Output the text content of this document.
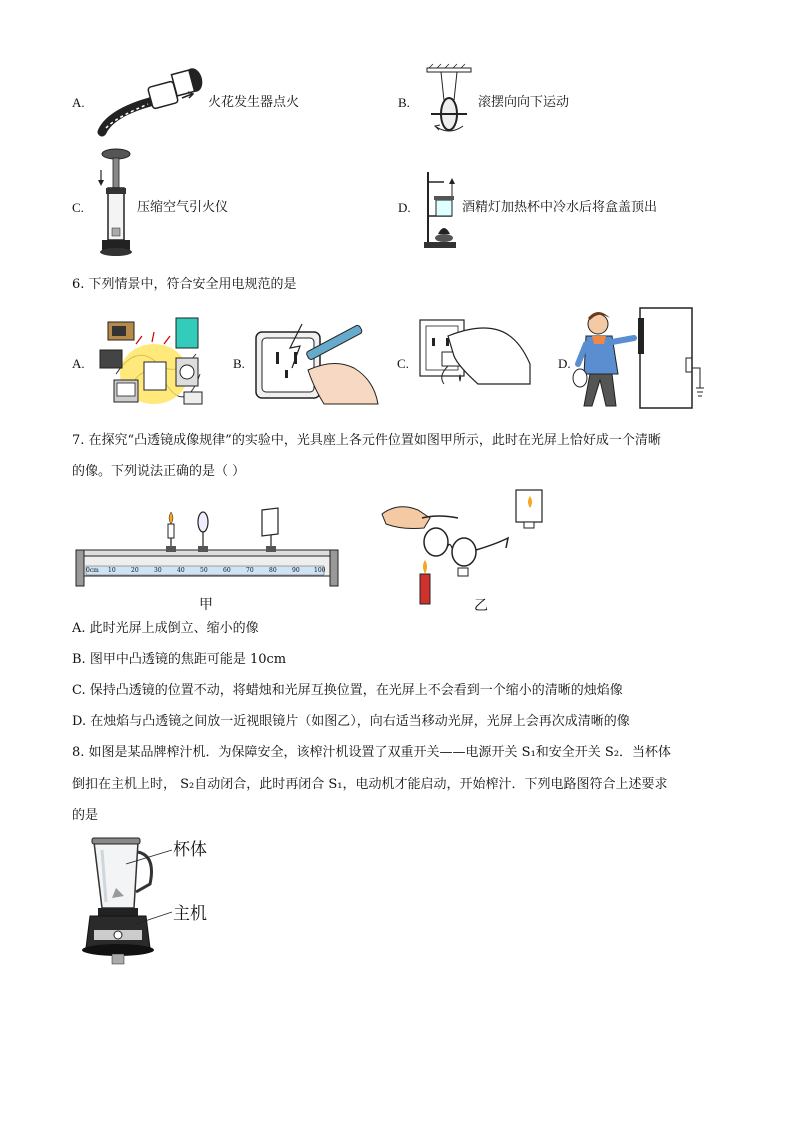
A.	火花发生器点火	B.	滚摆向向下运动
C.	压缩空气引火仪	D.	酒精灯加热杯中冷水后将盒盖顶出
6. 下列情景中，符合安全用电规范的是
A.	B.	C.	D.
7. 在探究“凸透镜成像规律”的实验中，光具座上各元件位置如图甲所示，此时在光屏上恰好成一个清晰
的像。下列说法正确的是（ ）
0cm 10	20	30	40	50	60	70	80	90 100
甲	乙
A. 此时光屏上成倒立、缩小的像
B. 图甲中凸透镜的焦距可能是 10cm
C. 保持凸透镜的位置不动，将蜡烛和光屏互换位置，在光屏上不会看到一个缩小的清晰的烛焰像
D. 在烛焰与凸透镜之间放一近视眼镜片（如图乙），向右适当移动光屏，光屏上会再次成清晰的像
8. 如图是某品牌榨汁机．为保障安全，该榨汁机设置了双重开关——电源开关 S₁和安全开关 S₂．当杯体
倒扣在主机上时， S₂自动闭合，此时再闭合 S₁，电动机才能启动，开始榨汁．下列电路图符合上述要求
的是
杯体
主机
